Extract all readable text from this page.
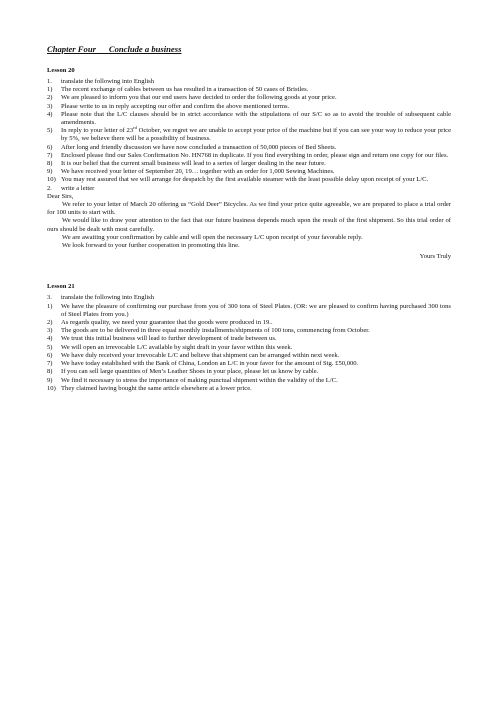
Chapter Four      Conclude a business

Lesson 20

1.	translate the following into English
1)	The recent exchange of cables between us has resulted in a transaction of 50 cases of Bristles.
2)	We are pleased to inform you that our end users have decided to order the following goods at your price.
3)	Please write to us in reply accepting our offer and confirm the above mentioned terms.
4)	Please note that the L/C clauses should be in strict accordance with the stipulations of our S/C so as to avoid the trouble of subsequent cable amendments.
5)	In reply to your letter of 23rd October, we regret we are unable to accept your price of the machine but if you can see your way to reduce your price by 5%, we believe there will be a possibility of business.
6)	After long and friendly discussion we have now concluded a transaction of 50,000 pieces of Bed Sheets.
7)	Enclosed please find our Sales Confirmation No. HN768 in duplicate. If you find everything in order, please sign and return one copy for our files.
8)	It is our belief that the current small business will lead to a series of larger dealing in the near future.
9)	We have received your letter of September 20, 19… together with an order for 1,000 Sewing Machines.
10) You may rest assured that we will arrange for despatch by the first available steamer with the least possible delay upon receipt of your L/C.
2.	write a letter

Dear Sirs,

We refer to your letter of March 20 offering us “Gold Deer” Bicycles. As we find your price quite agreeable, we are prepared to place a trial order for 100 units to start with.

We would like to draw your attention to the fact that our future business depends much upon the result of the first shipment. So this trial order of ours should be dealt with most carefully.

We are awaiting your confirmation by cable and will open the necessary L/C upon receipt of your favorable reply.

We look forward to your further cooperation in promoting this line.

Yours Truly

Lesson 21

3.	translate the following into English
1)	We have the pleasure of confirming our purchase from you of 300 tons of Steel Plates. (OR: we are pleased to confirm having purchased 300 tons of Steel Plates from you.)
2)	As regards quality, we need your guarantee that the goods were produced in 19..
3)	The goods are to be delivered in three equal monthly installments/shipments of 100 tons, commencing from October.
4)	We trust this initial business will lead to further development of trade between us.
5)	We will open an irrevocable L/C available by sight draft in your favor within this week.
6)	We have duly received your irrevocable L/C and believe that shipment can be arranged within next week.
7)	We have today established with the Bank of China, London an L/C in your favor for the amount of Stg. £50,000.
8)	If you can sell large quantities of Men’s Leather Shoes in your place, please let us know by cable.
9)	We find it necessary to stress the importance of making punctual shipment within the validity of the L/C.
10) They claimed having bought the same article elsewhere at a lower price.
